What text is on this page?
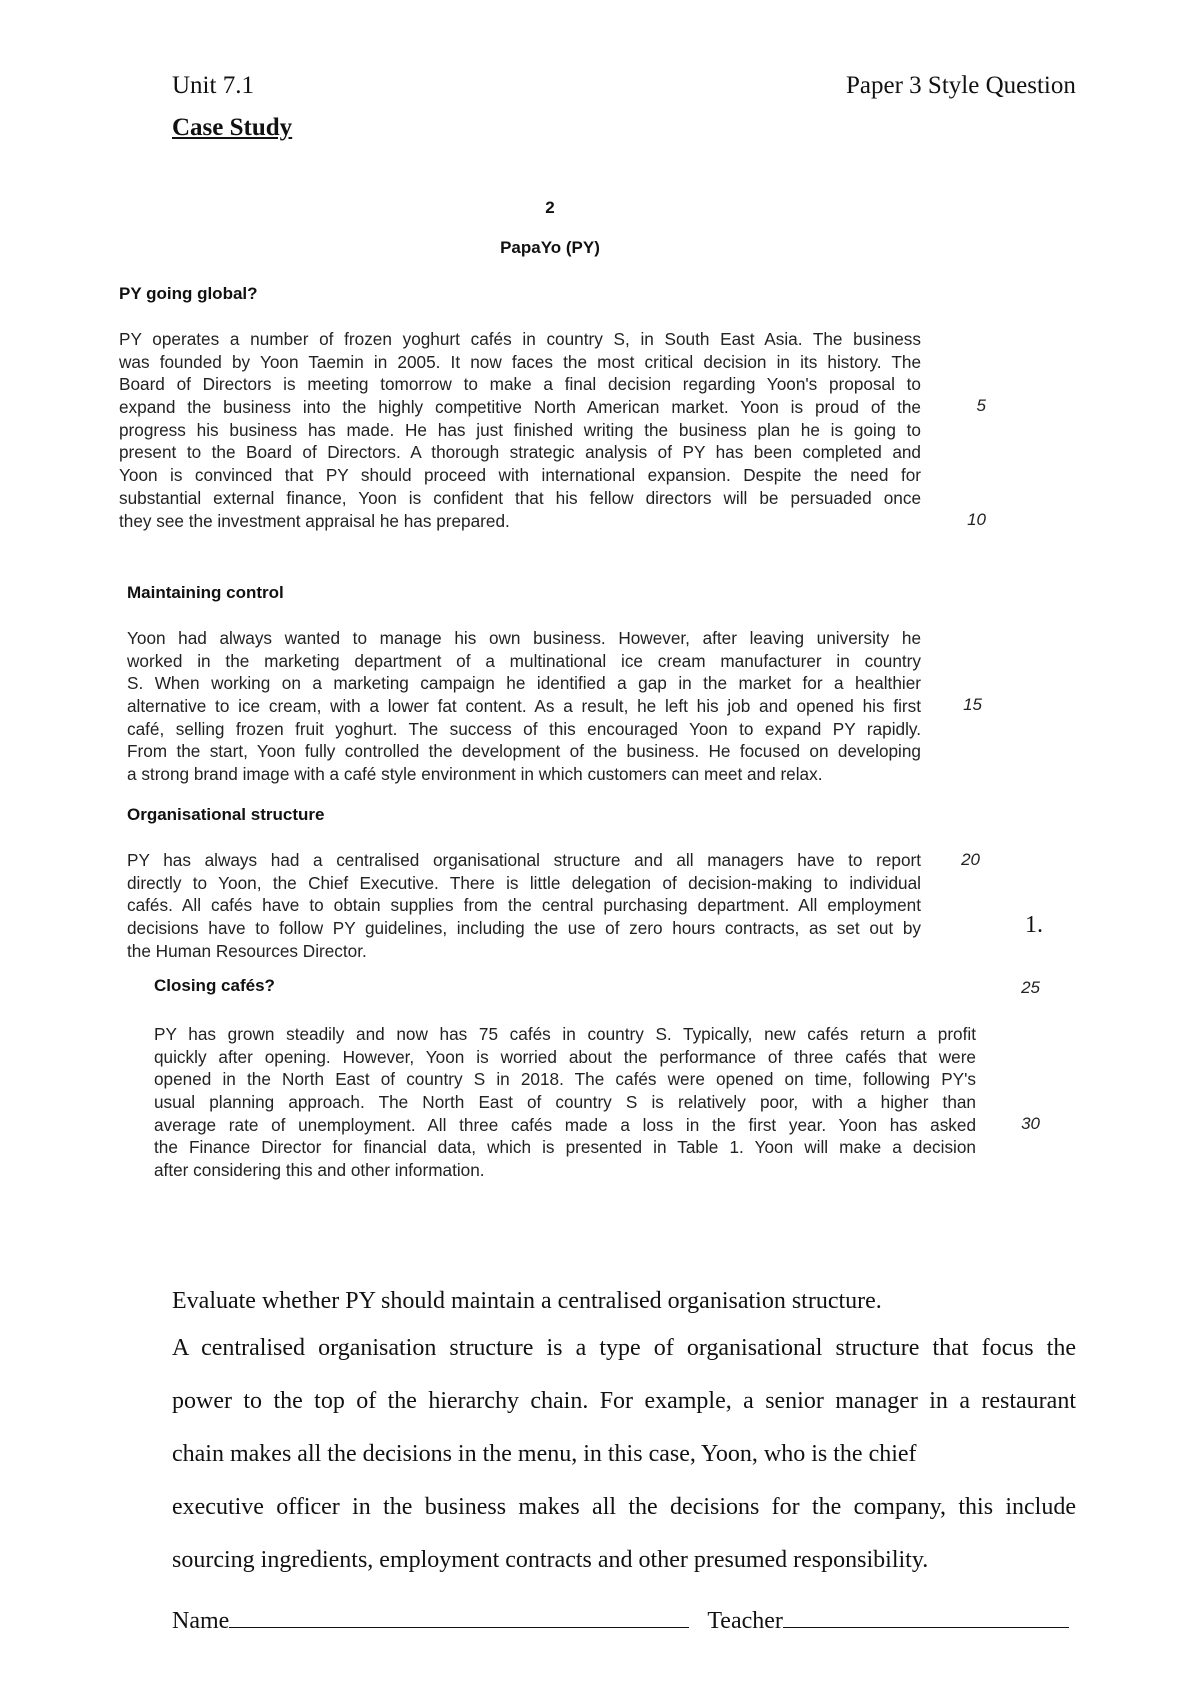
Unit 7.1	Paper 3 Style Question
Case Study
2
PapaYo (PY)
PY going global?
PY operates a number of frozen yoghurt cafés in country S, in South East Asia. The business
was founded by Yoon Taemin in 2005. It now faces the most critical decision in its history. The
Board of Directors is meeting tomorrow to make a final decision regarding Yoon's proposal to
expand the business into the highly competitive North American market. Yoon is proud of the
progress his business has made. He has just finished writing the business plan he is going to
present to the Board of Directors. A thorough strategic analysis of PY has been completed and
Yoon is convinced that PY should proceed with international expansion. Despite the need for
substantial external finance, Yoon is confident that his fellow directors will be persuaded once
they see the investment appraisal he has prepared.
5
10
Maintaining control
Yoon had always wanted to manage his own business. However, after leaving university he
worked in the marketing department of a multinational ice cream manufacturer in country
S. When working on a marketing campaign he identified a gap in the market for a healthier
alternative to ice cream, with a lower fat content. As a result, he left his job and opened his first
café, selling frozen fruit yoghurt. The success of this encouraged Yoon to expand PY rapidly.
From the start, Yoon fully controlled the development of the business. He focused on developing
a strong brand image with a café style environment in which customers can meet and relax.
15
Organisational structure
PY has always had a centralised organisational structure and all managers have to report
directly to Yoon, the Chief Executive. There is little delegation of decision-making to individual
cafés. All cafés have to obtain supplies from the central purchasing department. All employment
decisions have to follow PY guidelines, including the use of zero hours contracts, as set out by
the Human Resources Director.
20
1.
Closing cafés?
PY has grown steadily and now has 75 cafés in country S. Typically, new cafés return a profit
quickly after opening. However, Yoon is worried about the performance of three cafés that were
opened in the North East of country S in 2018. The cafés were opened on time, following PY's
usual planning approach. The North East of country S is relatively poor, with a higher than
average rate of unemployment. All three cafés made a loss in the first year. Yoon has asked
the Finance Director for financial data, which is presented in Table 1. Yoon will make a decision
after considering this and other information.
25
30
Evaluate whether PY should maintain a centralised organisation structure.
A centralised organisation structure is a type of organisational structure that focus the
power to the top of the hierarchy chain. For example, a senior manager in a restaurant
chain makes all the decisions in the menu, in this case, Yoon, who is the chief
executive officer in the business makes all the decisions for the company, this include
sourcing ingredients, employment contracts and other presumed responsibility.
Name	Teacher
